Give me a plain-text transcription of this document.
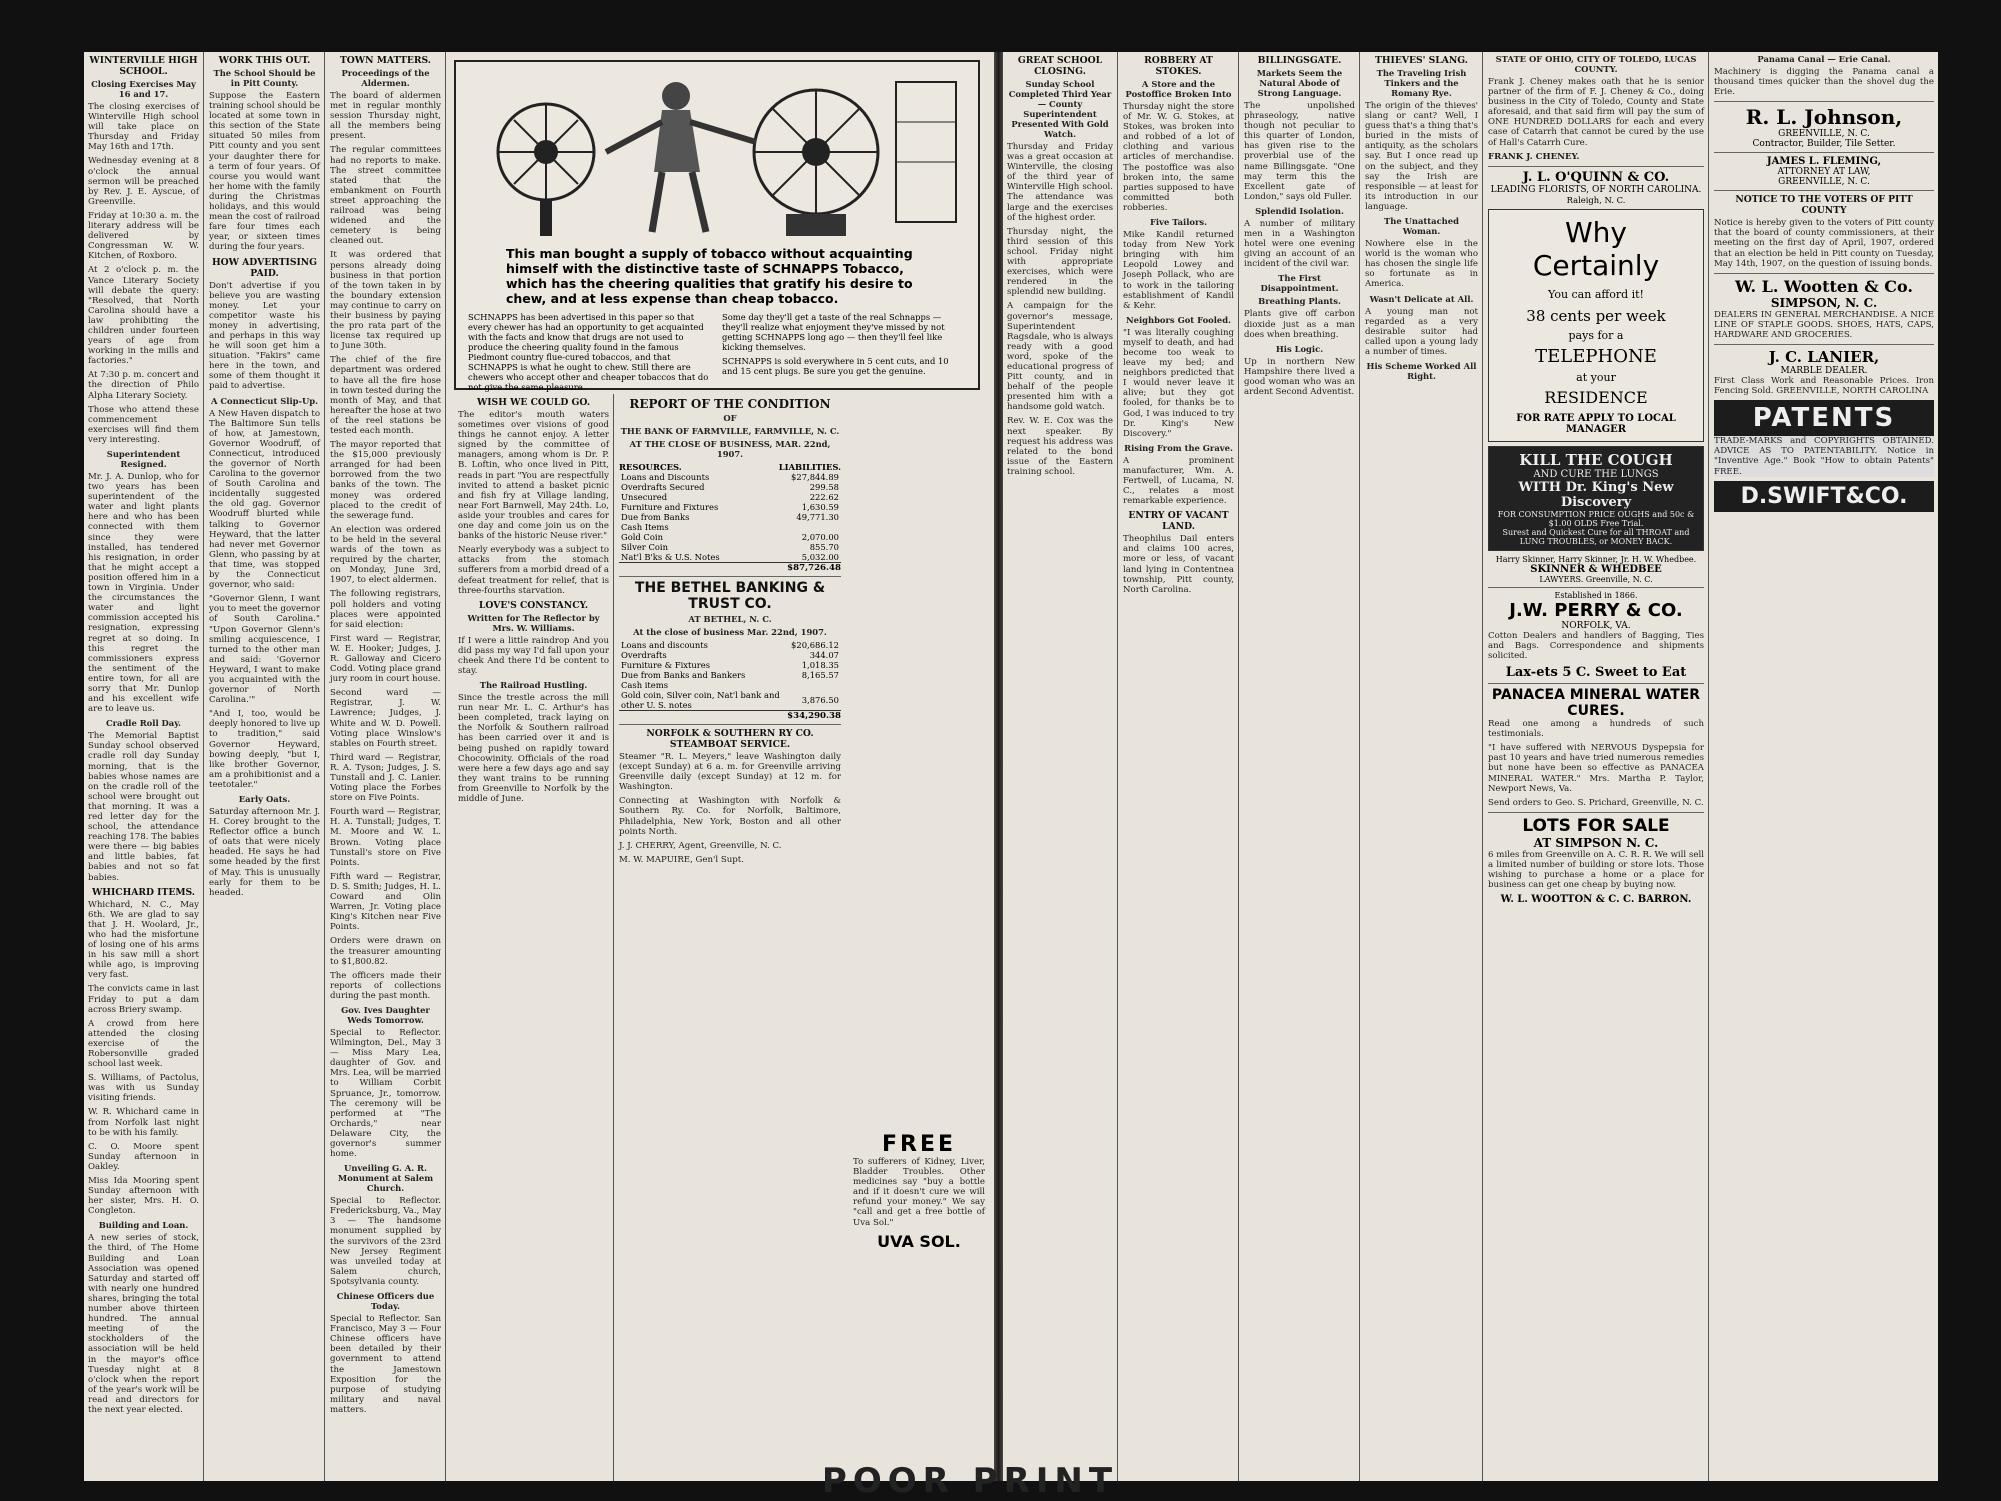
WINTERVILLE HIGH SCHOOL.
Closing Exercises May 16 and 17.

The closing exercises of Winterville High school will take place on Thursday and Friday May 16th and 17th.

Wednesday evening at 8 o'clock the annual sermon will be preached by Rev. J. E. Ayscue, of Greenville.

Friday at 10:30 a. m. the literary address will be delivered by Congressman W. W. Kitchen, of Roxboro.

At 2 o'clock p. m. the Vance Literary Society will debate the query: "Resolved, that North Carolina should have a law prohibiting the children under fourteen years of age from working in the mills and factories."

At 7:30 p. m. concert and the direction of Philo Alpha Literary Society.

Those who attend these commencement exercises will find them very interesting.

Superintendent Resigned.

Mr. J. A. Dunlop, who for two years has been superintendent of the water and light plants here and who has been connected with them since they were installed, has tendered his resignation, in order that he might accept a position offered him in a town in Virginia. Under the circumstances the water and light commission accepted his resignation, expressing regret at so doing. In this regret the commissioners express the sentiment of the entire town, for all are sorry that Mr. Dunlop and his excellent wife are to leave us.

Cradle Roll Day.

The Memorial Baptist Sunday school observed cradle roll day Sunday morning, that is the babies whose names are on the cradle roll of the school were brought out that morning. It was a red letter day for the school, the attendance reaching 178. The babies were there — big babies and little babies, fat babies and not so fat babies.

WHICHARD ITEMS.

Whichard, N. C., May 6th. We are glad to say that J. H. Woolard, Jr., who had the misfortune of losing one of his arms in his saw mill a short while ago, is improving very fast.

The convicts came in last Friday to put a dam across Briery swamp.

A crowd from here attended the closing exercise of the Robersonville graded school last week.

S. Williams, of Pactolus, was with us Sunday visiting friends.

W. R. Whichard came in from Norfolk last night to be with his family.

C. O. Moore spent Sunday afternoon in Oakley.

Miss Ida Mooring spent Sunday afternoon with her sister, Mrs. H. O. Congleton.

Building and Loan.

A new series of stock, the third, of The Home Building and Loan Association was opened Saturday and started off with nearly one hundred shares, bringing the total number above thirteen hundred. The annual meeting of the stockholders of the association will be held in the mayor's office Tuesday night at 8 o'clock when the report of the year's work will be read and directors for the next year elected.

WORK THIS OUT.
The School Should be in Pitt County.

Suppose the Eastern training school should be located at some town in this section of the State situated 50 miles from Pitt county and you sent your daughter there for a term of four years. Of course you would want her home with the family during the Christmas holidays, and this would mean the cost of railroad fare four times each year, or sixteen times during the four years.

HOW ADVERTISING PAID.

Don't advertise if you believe you are wasting money. Let your competitor waste his money in advertising, and perhaps in this way he will soon get him a situation. "Fakirs" came here in the town, and some of them thought it paid to advertise.

A Connecticut Slip-Up.

A New Haven dispatch to The Baltimore Sun tells of how, at Jamestown, Governor Woodruff, of Connecticut, introduced the governor of North Carolina to the governor of South Carolina and incidentally suggested the old gag. Governor Woodruff blurted while talking to Governor Heyward, that the latter had never met Governor Glenn, who passing by at that time, was stopped by the Connecticut governor, who said:

"Governor Glenn, I want you to meet the governor of South Carolina." "Upon Governor Glenn's smiling acquiescence, I turned to the other man and said: 'Governor Heyward, I want to make you acquainted with the governor of North Carolina.'"

"And I, too, would be deeply honored to live up to tradition," said Governor Heyward, bowing deeply, "but I, like brother Governor, am a prohibitionist and a teetotaler."

Early Oats.

Saturday afternoon Mr. J. H. Corey brought to the Reflector office a bunch of oats that were nicely headed. He says he had some headed by the first of May. This is unusually early for them to be headed.

TOWN MATTERS.
Proceedings of the Aldermen.

The board of aldermen met in regular monthly session Thursday night, all the members being present.

The regular committees had no reports to make. The street committee stated that the embankment on Fourth street approaching the railroad was being widened and the cemetery is being cleaned out.

It was ordered that persons already doing business in that portion of the town taken in by the boundary extension may continue to carry on their business by paying the pro rata part of the license tax required up to June 30th.

The chief of the fire department was ordered to have all the fire hose in town tested during the month of May, and that hereafter the hose at two of the reel stations be tested each month.

The mayor reported that the $15,000 previously arranged for had been borrowed from the two banks of the town. The money was ordered placed to the credit of the sewerage fund.

An election was ordered to be held in the several wards of the town as required by the charter, on Monday, June 3rd, 1907, to elect aldermen.

The following registrars, poll holders and voting places were appointed for said election:

First ward — Registrar, W. E. Hooker; Judges, J. R. Galloway and Cicero Codd. Voting place grand jury room in court house.

Second ward — Registrar, J. W. Lawrence; Judges, J. White and W. D. Powell. Voting place Winslow's stables on Fourth street.

Third ward — Registrar, R. A. Tyson; Judges, J. S. Tunstall and J. C. Lanier. Voting place the Forbes store on Five Points.

Fourth ward — Registrar, H. A. Tunstall; Judges, T. M. Moore and W. L. Brown. Voting place Tunstall's store on Five Points.

Fifth ward — Registrar, D. S. Smith; Judges, H. L. Coward and Olin Warren, Jr. Voting place King's Kitchen near Five Points.

Orders were drawn on the treasurer amounting to $1,800.82.

The officers made their reports of collections during the past month.

Gov. Ives Daughter Weds Tomorrow.

Special to Reflector. Wilmington, Del., May 3 — Miss Mary Lea, daughter of Gov. and Mrs. Lea, will be married to William Corbit Spruance, Jr., tomorrow. The ceremony will be performed at "The Orchards," near Delaware City, the governor's summer home.

Unveiling G. A. R. Monument at Salem Church.

Special to Reflector. Fredericksburg, Va., May 3 — The handsome monument supplied by the survivors of the 23rd New Jersey Regiment was unveiled today at Salem church, Spotsylvania county.

Chinese Officers due Today.

Special to Reflector. San Francisco, May 3 — Four Chinese officers have been detailed by their government to attend the Jamestown Exposition for the purpose of studying military and naval matters.

This man bought a supply of tobacco without acquainting himself with the distinctive taste of SCHNAPPS Tobacco, which has the cheering qualities that gratify his desire to chew, and at less expense than cheap tobacco.
SCHNAPPS has been advertised in this paper so that every chewer has had an opportunity to get acquainted with the facts and know that drugs are not used to produce the cheering quality found in the famous Piedmont country flue-cured tobaccos, and that SCHNAPPS is what he ought to chew. Still there are chewers who accept other and cheaper tobaccos that do not give the same pleasure.
Some day they'll get a taste of the real Schnapps — they'll realize what enjoyment they've missed by not getting SCHNAPPS long ago — then they'll feel like kicking themselves.
SCHNAPPS is sold everywhere in 5 cent cuts, and 10 and 15 cent plugs. Be sure you get the genuine.
WISH WE COULD GO.

The editor's mouth waters sometimes over visions of good things he cannot enjoy. A letter signed by the committee of managers, among whom is Dr. P. B. Loftin, who once lived in Pitt, reads in part "You are respectfully invited to attend a basket picnic and fish fry at Village landing, near Fort Barnwell, May 24th. Lo, aside your troubles and cares for one day and come join us on the banks of the historic Neuse river."

Nearly everybody was a subject to attacks from the stomach sufferers from a morbid dread of a defeat treatment for relief, that is three-fourths starvation.

LOVE'S CONSTANCY.
Written for The Reflector by Mrs. W. Williams.

If I were a little raindrop And you did pass my way I'd fall upon your cheek And there I'd be content to stay.

The Railroad Hustling.

Since the trestle across the mill run near Mr. L. C. Arthur's has been completed, track laying on the Norfolk & Southern railroad has been carried over it and is being pushed on rapidly toward Chocowinity. Officials of the road were here a few days ago and say they want trains to be running from Greenville to Norfolk by the middle of June.

REPORT OF THE CONDITION
OF
THE BANK OF FARMVILLE, FARMVILLE, N. C.
AT THE CLOSE OF BUSINESS, MAR. 22nd, 1907.
RESOURCES.	LIABILITIES.
Loans and Discounts	$27,844.89
Overdrafts Secured	299.58
Unsecured	222.62
Furniture and Fixtures	1,630.59
Due from Banks	49,771.30
Cash Items	
Gold Coin	2,070.00
Silver Coin	855.70
Nat'l B'ks & U.S. Notes	5,032.00
$87,726.48
THE BETHEL BANKING & TRUST CO.
AT BETHEL, N. C.
At the close of business Mar. 22nd, 1907.
Loans and discounts	$20,686.12
Overdrafts	344.07
Furniture & Fixtures	1,018.35
Due from Banks and Bankers	8,165.57
Cash items	
Gold coin, Silver coin, Nat'l bank and other U. S. notes	3,876.50
$34,290.38
NORFOLK & SOUTHERN RY CO. STEAMBOAT SERVICE.

Steamer "R. L. Meyers," leave Washington daily (except Sunday) at 6 a. m. for Greenville arriving Greenville daily (except Sunday) at 12 m. for Washington.

Connecting at Washington with Norfolk & Southern Ry. Co. for Norfolk, Baltimore, Philadelphia, New York, Boston and all other points North.

J. J. CHERRY, Agent, Greenville, N. C.

M. W. MAPUIRE, Gen'l Supt.

FREE

To sufferers of Kidney, Liver, Bladder Troubles. Other medicines say "buy a bottle and if it doesn't cure we will refund your money." We say "call and get a free bottle of Uva Sol."

UVA SOL.
GREAT SCHOOL CLOSING.
Sunday School Completed Third Year — County Superintendent Presented With Gold Watch.

Thursday and Friday was a great occasion at Winterville, the closing of the third year of Winterville High school. The attendance was large and the exercises of the highest order.

Thursday night, the third session of this school. Friday night with appropriate exercises, which were rendered in the splendid new building.

A campaign for the governor's message, Superintendent Ragsdale, who is always ready with a good word, spoke of the educational progress of Pitt county, and in behalf of the people presented him with a handsome gold watch.

Rev. W. E. Cox was the next speaker. By request his address was related to the bond issue of the Eastern training school.

ROBBERY AT STOKES.
A Store and the Postoffice Broken Into

Thursday night the store of Mr. W. G. Stokes, at Stokes, was broken into and robbed of a lot of clothing and various articles of merchandise. The postoffice was also broken into, the same parties supposed to have committed both robberies.

Five Tailors.

Mike Kandil returned today from New York bringing with him Leopold Lowey and Joseph Pollack, who are to work in the tailoring establishment of Kandil & Kehr.

Neighbors Got Fooled.

"I was literally coughing myself to death, and had become too weak to leave my bed; and neighbors predicted that I would never leave it alive; but they got fooled, for thanks be to God, I was induced to try Dr. King's New Discovery."

Rising From the Grave.

A prominent manufacturer, Wm. A. Fertwell, of Lucama, N. C., relates a most remarkable experience.

ENTRY OF VACANT LAND.

Theophilus Dail enters and claims 100 acres, more or less, of vacant land lying in Contentnea township, Pitt county, North Carolina.

BILLINGSGATE.
Markets Seem the Natural Abode of Strong Language.

The unpolished phraseology, native though not peculiar to this quarter of London, has given rise to the proverbial use of the name Billingsgate. "One may term this the Excellent gate of London," says old Fuller.

Splendid Isolation.

A number of military men in a Washington hotel were one evening giving an account of an incident of the civil war.

The First Disappointment.
Breathing Plants.

Plants give off carbon dioxide just as a man does when breathing.

His Logic.

Up in northern New Hampshire there lived a good woman who was an ardent Second Adventist.

THIEVES' SLANG.
The Traveling Irish Tinkers and the Romany Rye.

The origin of the thieves' slang or cant? Well, I guess that's a thing that's buried in the mists of antiquity, as the scholars say. But I once read up on the subject, and they say the Irish are responsible — at least for its introduction in our language.

The Unattached Woman.

Nowhere else in the world is the woman who has chosen the single life so fortunate as in America.

Wasn't Delicate at All.

A young man not regarded as a very desirable suitor had called upon a young lady a number of times.

His Scheme Worked All Right.
STATE OF OHIO, CITY OF TOLEDO, LUCAS COUNTY.

Frank J. Cheney makes oath that he is senior partner of the firm of F. J. Cheney & Co., doing business in the City of Toledo, County and State aforesaid, and that said firm will pay the sum of ONE HUNDRED DOLLARS for each and every case of Catarrh that cannot be cured by the use of Hall's Catarrh Cure.

FRANK J. CHENEY.

J. L. O'QUINN & CO.
LEADING FLORISTS, OF NORTH CAROLINA.
Raleigh, N. C.
Why
Certainly
You can afford it!
38 cents per week
pays for a
TELEPHONE
at your
RESIDENCE
FOR RATE APPLY TO LOCAL MANAGER
KILL THE COUGH
AND CURE THE LUNGS
WITH Dr. King's New Discovery
FOR CONSUMPTION PRICE OUGHS and 50c & $1.00 OLDS Free Trial.
Surest and Quickest Cure for all THROAT and LUNG TROUBLES, or MONEY BACK.
Harry Skinner, Harry Skinner, Jr. H. W. Whedbee.
SKINNER & WHEDBEE
LAWYERS. Greenville, N. C.
Established in 1866.
J.W. PERRY & CO.
NORFOLK, VA.

Cotton Dealers and handlers of Bagging, Ties and Bags. Correspondence and shipments solicited.

Lax-ets 5 C. Sweet to Eat
PANACEA MINERAL WATER CURES.

Read one among a hundreds of such testimonials.

"I have suffered with NERVOUS Dyspepsia for past 10 years and have tried numerous remedies but none have been so effective as PANACEA MINERAL WATER." Mrs. Martha P. Taylor, Newport News, Va.

Send orders to Geo. S. Prichard, Greenville, N. C.

LOTS FOR SALE
AT SIMPSON N. C.

6 miles from Greenville on A. C. R. R. We will sell a limited number of building or store lots. Those wishing to purchase a home or a place for business can get one cheap by buying now.

W. L. WOOTTON & C. C. BARRON.
Panama Canal — Erie Canal.

Machinery is digging the Panama canal a thousand times quicker than the shovel dug the Erie.

R. L. Johnson,
GREENVILLE, N. C.
Contractor, Builder, Tile Setter.
JAMES L. FLEMING,
ATTORNEY AT LAW,
GREENVILLE, N. C.
NOTICE TO THE VOTERS OF PITT COUNTY

Notice is hereby given to the voters of Pitt county that the board of county commissioners, at their meeting on the first day of April, 1907, ordered that an election be held in Pitt county on Tuesday, May 14th, 1907, on the question of issuing bonds.

W. L. Wootten & Co.
SIMPSON, N. C.

DEALERS IN GENERAL MERCHANDISE. A NICE LINE OF STAPLE GOODS. SHOES, HATS, CAPS, HARDWARE AND GROCERIES.

J. C. LANIER,
MARBLE DEALER.

First Class Work and Reasonable Prices. Iron Fencing Sold. GREENVILLE, NORTH CAROLINA

PATENTS

TRADE-MARKS and COPYRIGHTS OBTAINED. ADVICE AS TO PATENTABILITY. Notice in "Inventive Age." Book "How to obtain Patents" FREE.

D.SWIFT&CO.
POOR PRINT
